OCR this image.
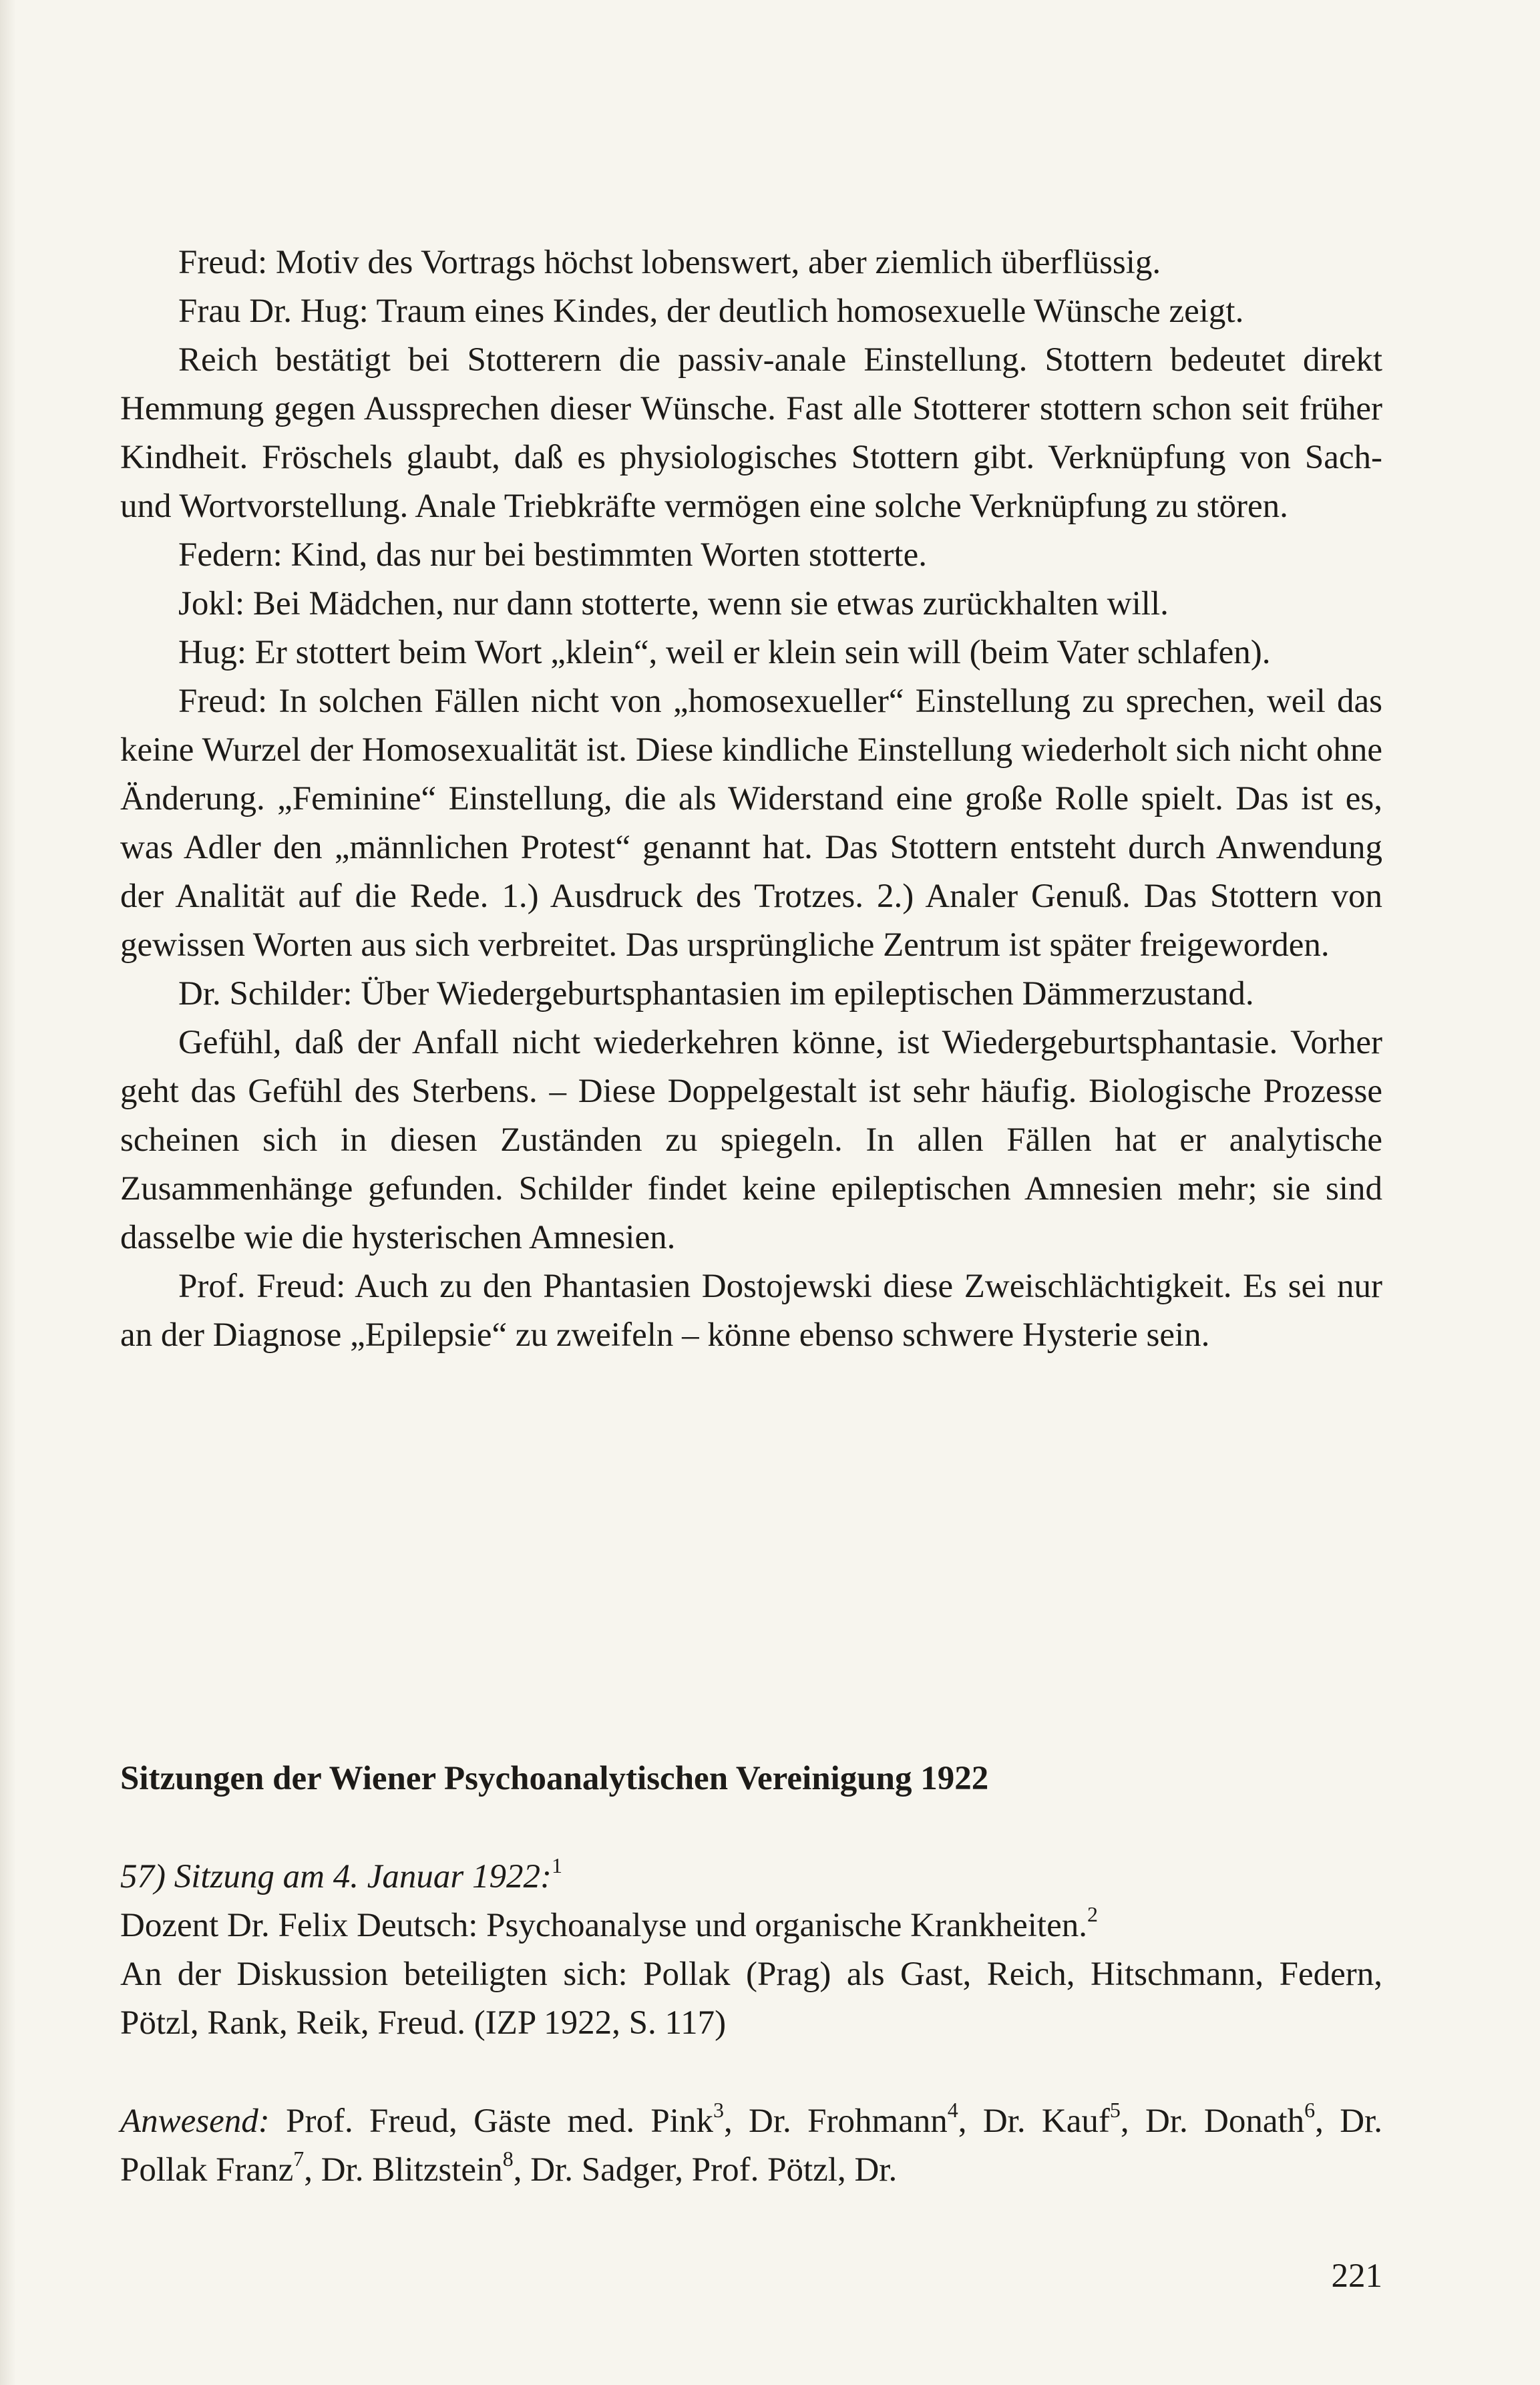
Freud: Motiv des Vortrags höchst lobenswert, aber ziemlich überflüssig.

Frau Dr. Hug: Traum eines Kindes, der deutlich homosexuelle Wünsche zeigt.

Reich bestätigt bei Stotterern die passiv-anale Einstellung. Stottern bedeutet direkt Hemmung gegen Aussprechen dieser Wünsche. Fast alle Stotterer stottern schon seit früher Kindheit. Fröschels glaubt, daß es physiologisches Stottern gibt. Verknüpfung von Sach- und Wortvorstellung. Anale Triebkräfte vermögen eine solche Verknüpfung zu stören.

Federn: Kind, das nur bei bestimmten Worten stotterte.

Jokl: Bei Mädchen, nur dann stotterte, wenn sie etwas zurückhalten will.

Hug: Er stottert beim Wort „klein“, weil er klein sein will (beim Vater schlafen).

Freud: In solchen Fällen nicht von „homosexueller“ Einstellung zu sprechen, weil das keine Wurzel der Homosexualität ist. Diese kindliche Einstellung wiederholt sich nicht ohne Änderung. „Feminine“ Einstellung, die als Widerstand eine große Rolle spielt. Das ist es, was Adler den „männlichen Protest“ genannt hat. Das Stottern entsteht durch Anwendung der Analität auf die Rede. 1.) Ausdruck des Trotzes. 2.) Analer Genuß. Das Stottern von gewissen Worten aus sich verbreitet. Das ursprüngliche Zentrum ist später freigeworden.

Dr. Schilder: Über Wiedergeburtsphantasien im epileptischen Dämmerzustand.

Gefühl, daß der Anfall nicht wiederkehren könne, ist Wiedergeburtsphantasie. Vorher geht das Gefühl des Sterbens. – Diese Doppelgestalt ist sehr häufig. Biologische Prozesse scheinen sich in diesen Zuständen zu spiegeln. In allen Fällen hat er analytische Zusammenhänge gefunden. Schilder findet keine epileptischen Amnesien mehr; sie sind dasselbe wie die hysterischen Amnesien.

Prof. Freud: Auch zu den Phantasien Dostojewski diese Zweischlächtigkeit. Es sei nur an der Diagnose „Epilepsie“ zu zweifeln – könne ebenso schwere Hysterie sein.

Sitzungen der Wiener Psychoanalytischen Vereinigung 1922

57) Sitzung am 4. Januar 1922:$^1$

Dozent Dr. Felix Deutsch: Psychoanalyse und organische Krankheiten.$^2$

An der Diskussion beteiligten sich: Pollak (Prag) als Gast, Reich, Hitschmann, Federn, Pötzl, Rank, Reik, Freud. (IZP 1922, S. 117)

Anwesend: Prof. Freud, Gäste med. Pink$^3$, Dr. Frohmann$^4$, Dr. Kauf$^5$, Dr. Donath$^6$, Dr. Pollak Franz$^7$, Dr. Blitzstein$^8$, Dr. Sadger, Prof. Pötzl, Dr.
221
